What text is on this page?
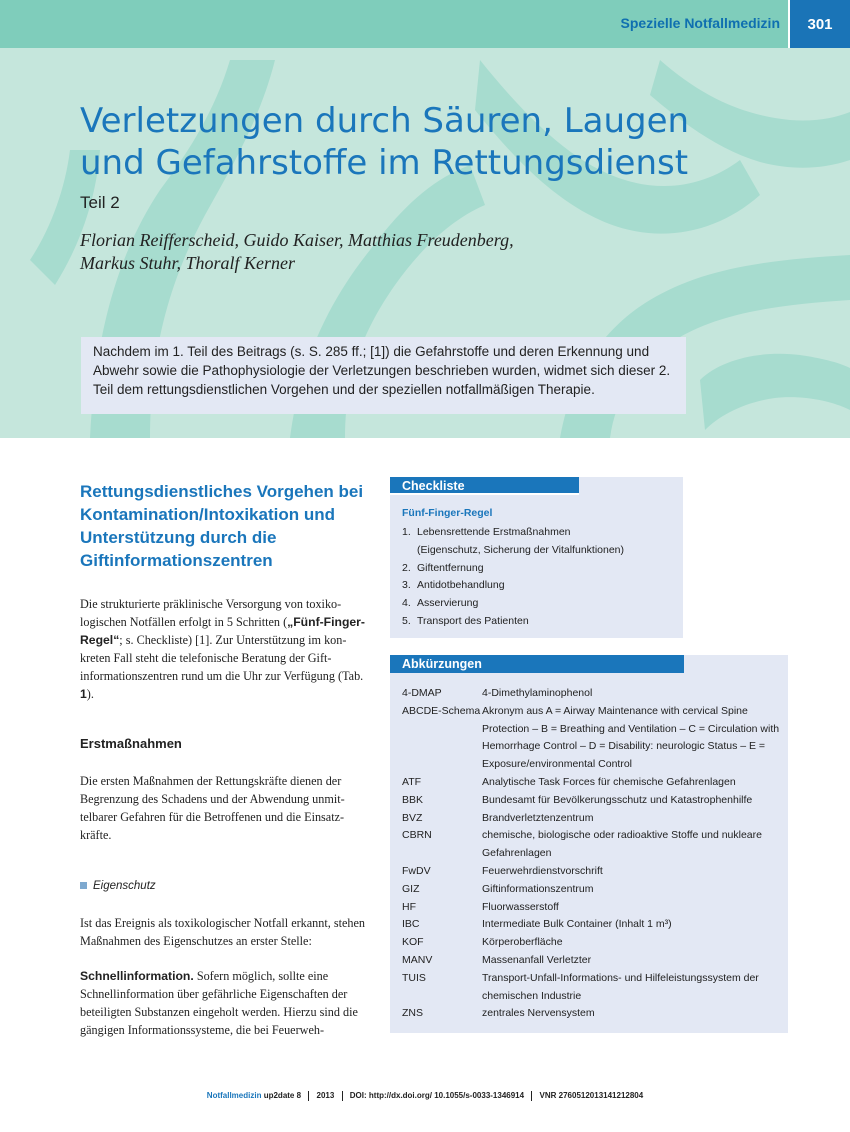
Spezielle Notfallmedizin	301
Verletzungen durch Säuren, Laugen und Gefahrstoffe im Rettungsdienst
Teil 2
Florian Reifferscheid, Guido Kaiser, Matthias Freudenberg,
Markus Stuhr, Thoralf Kerner
Nachdem im 1. Teil des Beitrags (s. S. 285 ff.; [1]) die Gefahrstoffe und deren Erkennung und Abwehr sowie die Pathophysiologie der Verletzungen beschrieben wurden, widmet sich dieser 2. Teil dem rettungsdienstlichen Vorgehen und der speziellen notfallmäßigen Therapie.
Rettungsdienstliches Vorgehen bei Kontamination/Intoxikation und Unterstützung durch die Giftinformationszentren
Die strukturierte präklinische Versorgung von toxiko-logischen Notfällen erfolgt in 5 Schritten („Fünf-Finger-Regel“; s. Checkliste) [1]. Zur Unterstützung im kon-kreten Fall steht die telefonische Beratung der Gift-informationszentren rund um die Uhr zur Verfügung (Tab. 1).
Erstmaßnahmen
Die ersten Maßnahmen der Rettungskräfte dienen der Begrenzung des Schadens und der Abwendung unmit-telbarer Gefahren für die Betroffenen und die Einsatz-kräfte.
Eigenschutz
Ist das Ereignis als toxikologischer Notfall erkannt, stehen Maßnahmen des Eigenschutzes an erster Stelle:
Schnellinformation. Sofern möglich, sollte eine Schnellinformation über gefährliche Eigenschaften der beteiligten Substanzen eingeholt werden. Hierzu sind die gängigen Informationssysteme, die bei Feuerweh-
Checkliste
Fünf-Finger-Regel
1. Lebensrettende Erstmaßnahmen
(Eigenschutz, Sicherung der Vitalfunktionen)
2. Giftentfernung
3. Antidotbehandlung
4. Asservierung
5. Transport des Patienten
Abkürzungen
4-DMAP	4-Dimethylaminophenol
ABCDE-Schema	Akronym aus A = Airway Maintenance with cervical Spine Protection – B = Breathing and Ventilation – C = Circulation with Hemorrhage Control – D = Disability: neurologic Status – E = Exposure/environmental Control
ATF	Analytische Task Forces für chemische Gefahrenlagen
BBK	Bundesamt für Bevölkerungsschutz und Katastrophenhilfe
BVZ	Brandverletztenzentrum
CBRN	chemische, biologische oder radioaktive Stoffe und nukleare Gefahrenlagen
FwDV	Feuerwehrdienstvorschrift
GIZ	Giftinformationszentrum
HF	Fluorwasserstoff
IBC	Intermediate Bulk Container (Inhalt 1 m³)
KOF	Körperoberfläche
MANV	Massenanfall Verletzter
TUIS	Transport-Unfall-Informations- und Hilfeleistungssystem der chemischen Industrie
ZNS	zentrales Nervensystem
Notfallmedizin up2date 8 2013 DOI: http://dx.doi.org/ 10.1055/s-0033-1346914 VNR 2760512013141212804
